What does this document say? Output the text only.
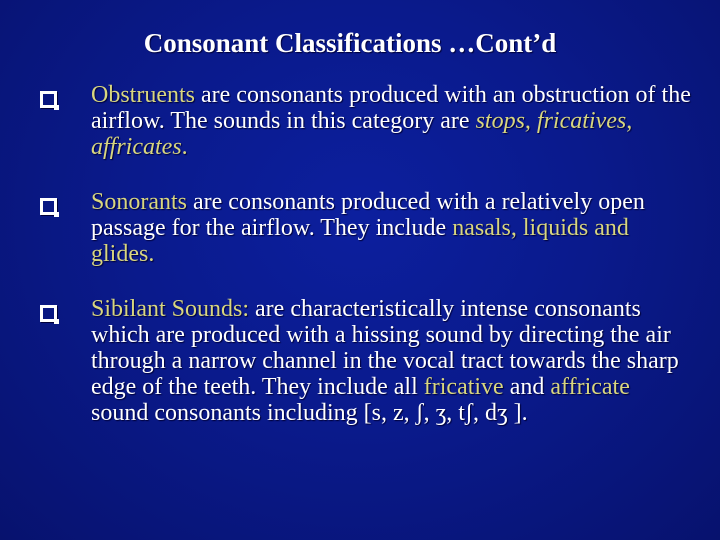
Consonant Classifications …Cont’d

Obstruents are consonants produced with an obstruction of the airflow. The sounds in this category are stops, fricatives, affricates.

Sonorants are consonants produced with a relatively open passage for the airflow. They include nasals, liquids and glides.

Sibilant Sounds: are characteristically intense consonants which are produced with a hissing sound by directing the air through a narrow channel in the vocal tract towards the sharp edge of the teeth. They include all fricative and affricate sound consonants including [s, z, ʃ, ʒ, tʃ, dʒ ].
